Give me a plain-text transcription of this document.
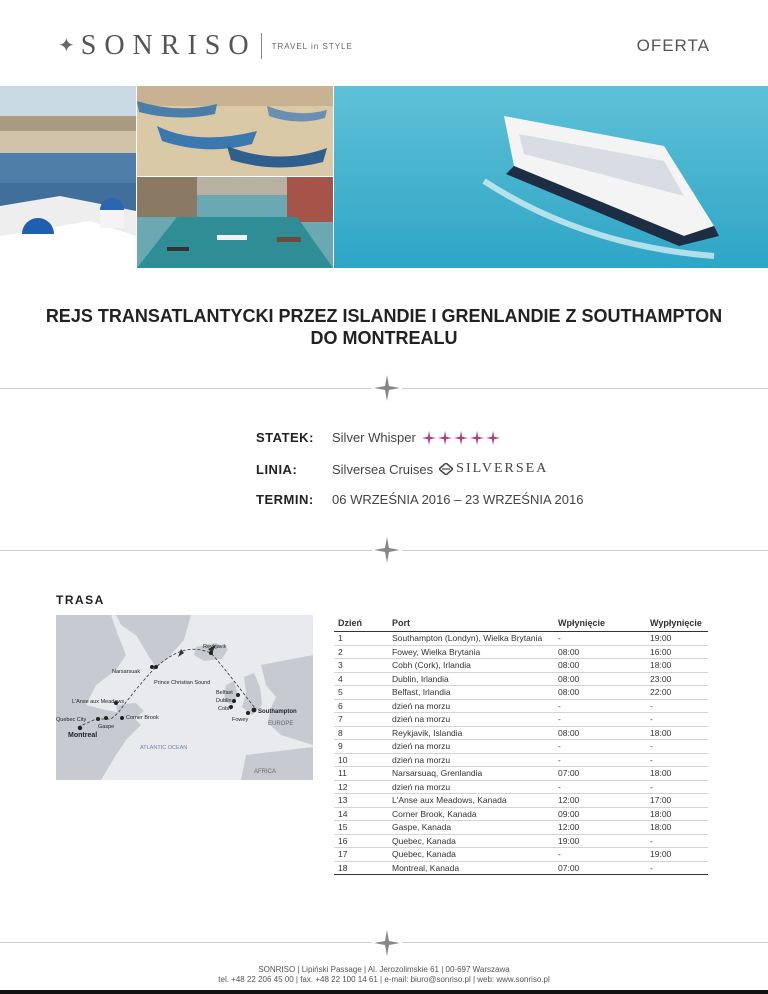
✦ SONRISO TRAVEL in STYLE	OFERTA
REJS TRANSATLANTYCKI PRZEZ ISLANDIE I GRENLANDIE Z SOUTHAMPTON DO MONTREALU
STATEK:	Silver Whisper
LINIA:	Silversea Cruises SILVERSEA
TERMIN:	06 WRZEŚNIA 2016 – 23 WRZEŚNIA 2016
TRASA
Reykjavik
Narsarsuak
Prince Christian Sound
L'Anse aux Meadows
Belfast
Dublin
Cobh	Southampton
Quebec City	Corner Brook
Gaspe
Fowey
EUROPE
Montreal
ATLANTIC OCEAN
AFRICA
Dzień	Port	Wpłynięcie	Wypłynięcie
1	Southampton (Londyn), Wielka Brytania	-	19:00
2	Fowey, Wielka Brytania	08:00	16:00
3	Cobh (Cork), Irlandia	08:00	18:00
4	Dublin, Irlandia	08:00	23:00
5	Belfast, Irlandia	08:00	22:00
6	dzień na morzu	-	-
7	dzień na morzu	-	-
8	Reykjavik, Islandia	08:00	18:00
9	dzień na morzu	-	-
10	dzień na morzu	-	-
11	Narsarsuaq, Grenlandia	07:00	18:00
12	dzień na morzu	-	-
13	L'Anse aux Meadows, Kanada	12:00	17:00
14	Corner Brook, Kanada	09:00	18:00
15	Gaspe, Kanada	12:00	18:00
16	Quebec, Kanada	19:00	-
17	Quebec, Kanada	-	19:00
18	Montreal, Kanada	07:00	-
SONRISO | Lipiński Passage | Al. Jerozolimskie 61 | 00-697 Warszawa
tel. +48 22 206 45 00 | fax. +48 22 100 14 61 | e-mail: biuro@sonriso.pl | web: www.sonriso.pl
